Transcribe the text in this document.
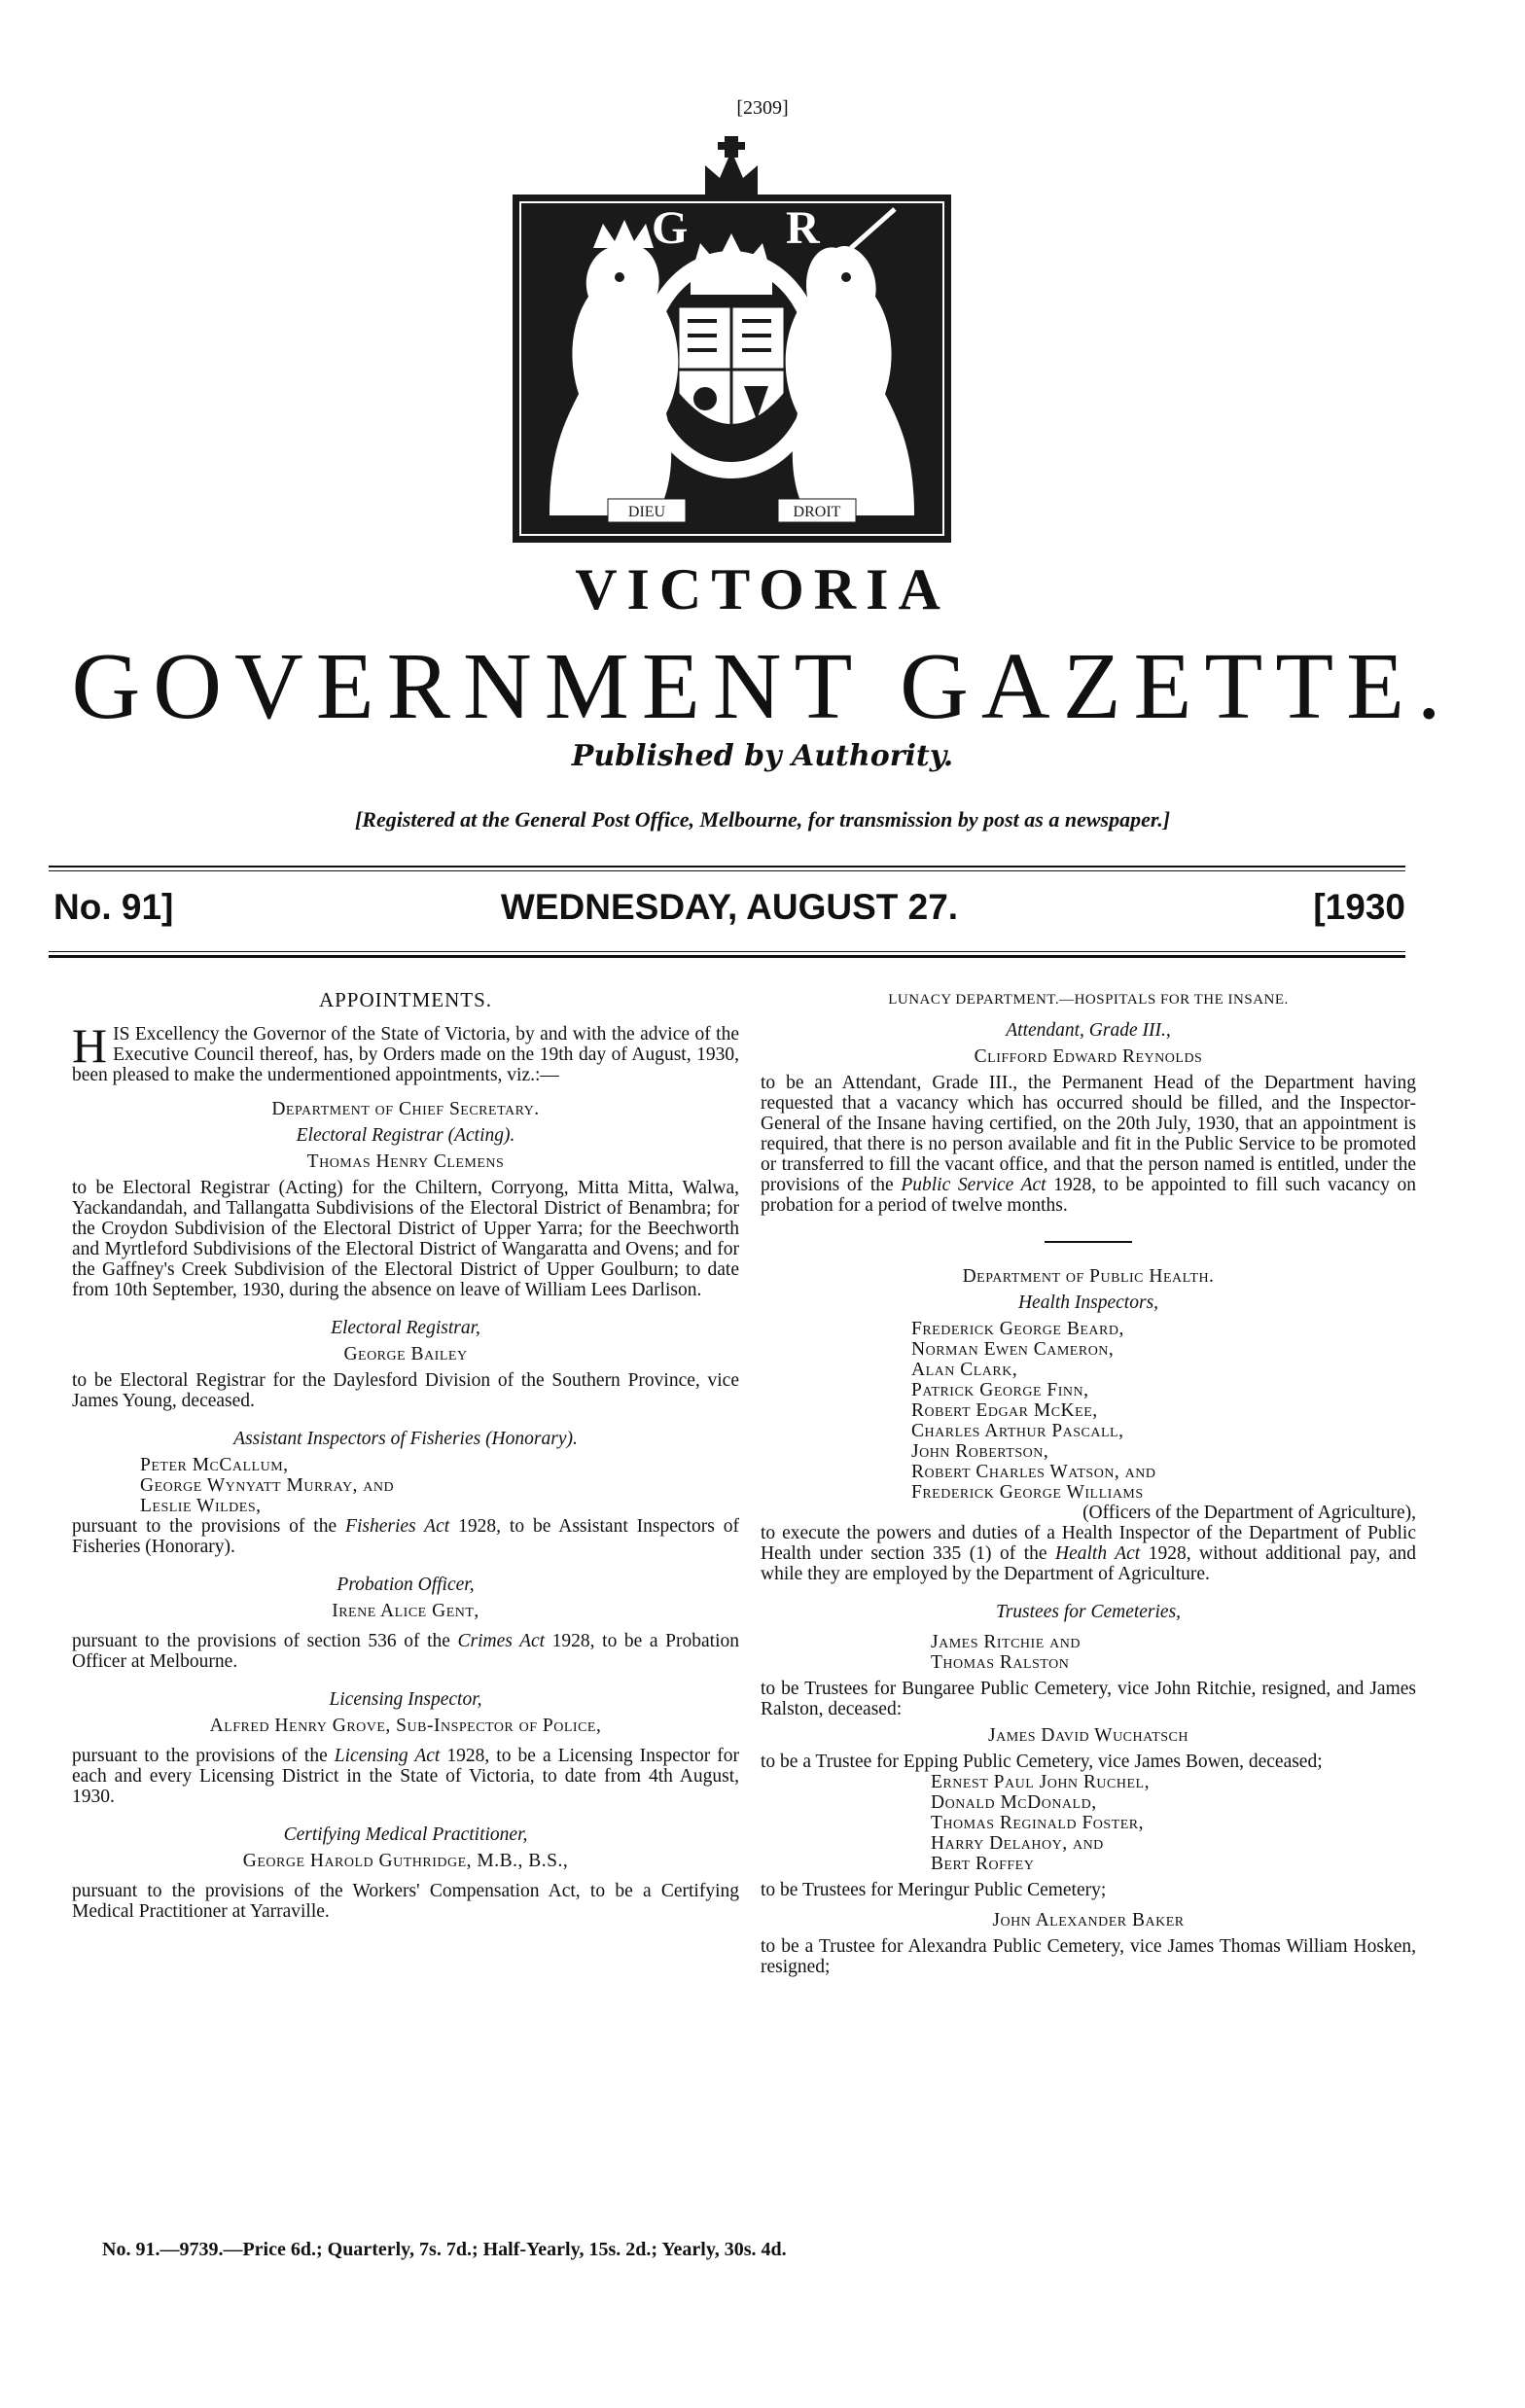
[2309]
G R
DIEU	DROIT
VICTORIA
GOVERNMENT GAZETTE.
Published by Authority.
[Registered at the General Post Office, Melbourne, for transmission by post as a newspaper.]
No. 91]	WEDNESDAY, AUGUST 27.	[1930

APPOINTMENTS.

HIS Excellency the Governor of the State of Victoria, by and with the advice of the Executive Council thereof, has, by Orders made on the 19th day of August, 1930, been pleased to make the undermentioned appointments, viz.:—

Department of Chief Secretary.

Electoral Registrar (Acting).

Thomas Henry Clemens

to be Electoral Registrar (Acting) for the Chiltern, Corryong, Mitta Mitta, Walwa, Yackandandah, and Tallangatta Subdivisions of the Electoral District of Benambra; for the Croydon Subdivision of the Electoral District of Upper Yarra; for the Beechworth and Myrtleford Subdivisions of the Electoral District of Wangaratta and Ovens; and for the Gaffney's Creek Subdivision of the Electoral District of Upper Goulburn; to date from 10th September, 1930, during the absence on leave of William Lees Darlison.

Electoral Registrar,

George Bailey

to be Electoral Registrar for the Daylesford Division of the Southern Province, vice James Young, deceased.

Assistant Inspectors of Fisheries (Honorary).

Peter McCallum,

George Wynyatt Murray, and

Leslie Wildes,

pursuant to the provisions of the Fisheries Act 1928, to be Assistant Inspectors of Fisheries (Honorary).

Probation Officer,

Irene Alice Gent,

pursuant to the provisions of section 536 of the Crimes Act 1928, to be a Probation Officer at Melbourne.

Licensing Inspector,

Alfred Henry Grove, Sub-Inspector of Police,

pursuant to the provisions of the Licensing Act 1928, to be a Licensing Inspector for each and every Licensing District in the State of Victoria, to date from 4th August, 1930.

Certifying Medical Practitioner,

George Harold Guthridge, M.B., B.S.,

pursuant to the provisions of the Workers' Compensation Act, to be a Certifying Medical Practitioner at Yarraville.

LUNACY DEPARTMENT.—HOSPITALS FOR THE INSANE.

Attendant, Grade III.,

Clifford Edward Reynolds

to be an Attendant, Grade III., the Permanent Head of the Department having requested that a vacancy which has occurred should be filled, and the Inspector-General of the Insane having certified, on the 20th July, 1930, that an appointment is required, that there is no person available and fit in the Public Service to be promoted or transferred to fill the vacant office, and that the person named is entitled, under the provisions of the Public Service Act 1928, to be appointed to fill such vacancy on probation for a period of twelve months.

Department of Public Health.

Health Inspectors,

Frederick George Beard,

Norman Ewen Cameron,

Alan Clark,

Patrick George Finn,

Robert Edgar McKee,

Charles Arthur Pascall,

John Robertson,

Robert Charles Watson, and

Frederick George Williams

(Officers of the Department of Agriculture),

to execute the powers and duties of a Health Inspector of the Department of Public Health under section 335 (1) of the Health Act 1928, without additional pay, and while they are employed by the Department of Agriculture.

Trustees for Cemeteries,

James Ritchie and

Thomas Ralston

to be Trustees for Bungaree Public Cemetery, vice John Ritchie, resigned, and James Ralston, deceased:

James David Wuchatsch

to be a Trustee for Epping Public Cemetery, vice James Bowen, deceased;

Ernest Paul John Ruchel,

Donald McDonald,

Thomas Reginald Foster,

Harry Delahoy, and

Bert Roffey

to be Trustees for Meringur Public Cemetery;

John Alexander Baker

to be a Trustee for Alexandra Public Cemetery, vice James Thomas William Hosken, resigned;

No. 91.—9739.—Price 6d.; Quarterly, 7s. 7d.; Half-Yearly, 15s. 2d.; Yearly, 30s. 4d.
